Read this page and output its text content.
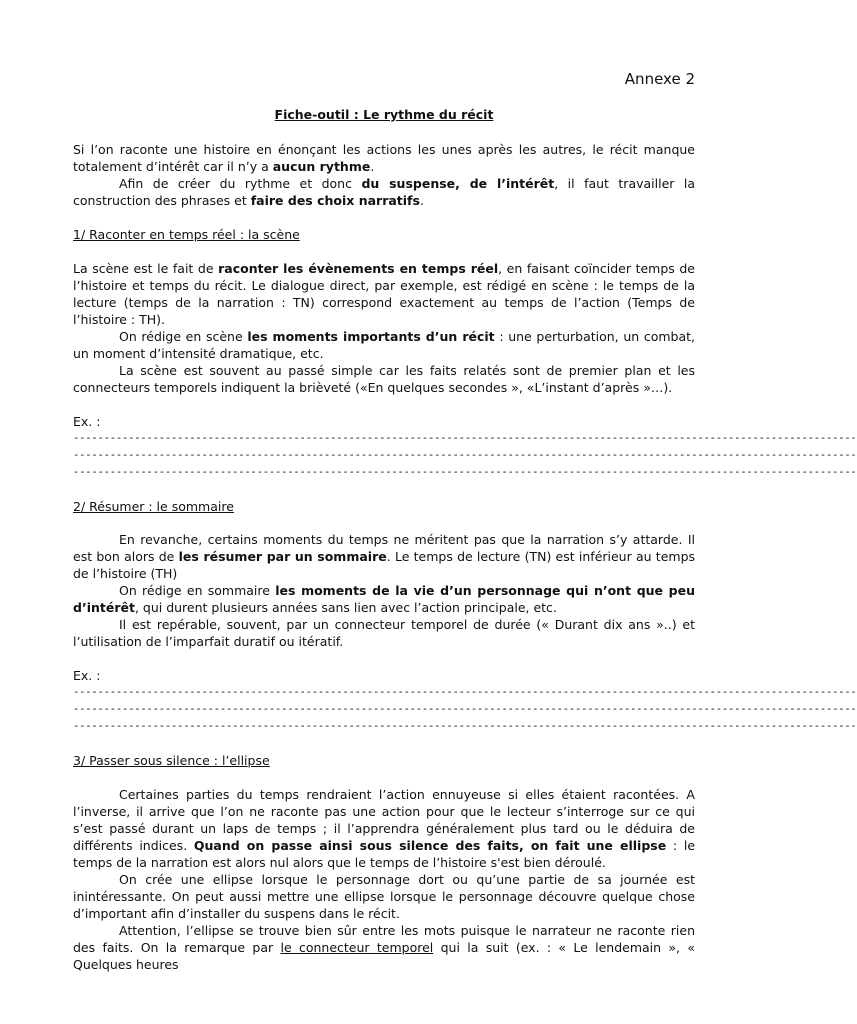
Annexe 2
Fiche-outil : Le rythme du récit

Si l’on raconte une histoire en énonçant les actions les unes après les autres, le récit manque totalement d’intérêt car il n’y a aucun rythme.

Afin de créer du rythme et donc du suspense, de l’intérêt, il faut travailler la construction des phrases et faire des choix narratifs.

1/ Raconter en temps réel : la scène

La scène est le fait de raconter les évènements en temps réel, en faisant coïncider temps de l’histoire et temps du récit. Le dialogue direct, par exemple, est rédigé en scène : le temps de la lecture (temps de la narration : TN) correspond exactement au temps de l’action (Temps de l’histoire : TH).

On rédige en scène les moments importants d’un récit : une perturbation, un combat, un moment d’intensité dramatique, etc.

La scène est souvent au passé simple car les faits relatés sont de premier plan et les connecteurs temporels indiquent la brièveté («En quelques secondes », «L’instant d’après »…).

Ex. :
--------------------------------------------------------------------------------------------------------------------------------
--------------------------------------------------------------------------------------------------------------------------------
--------------------------------------------------------------------------------------------------------------------------------
2/ Résumer : le sommaire

En revanche, certains moments du temps ne méritent pas que la narration s’y attarde. Il est bon alors de les résumer par un sommaire. Le temps de lecture (TN) est inférieur au temps de l’histoire (TH)

On rédige en sommaire les moments de la vie d’un personnage qui n’ont que peu d’intérêt, qui durent plusieurs années sans lien avec l’action principale, etc.

Il est repérable, souvent, par un connecteur temporel de durée (« Durant dix ans »..) et l’utilisation de l’imparfait duratif ou itératif.

Ex. :
--------------------------------------------------------------------------------------------------------------------------------
--------------------------------------------------------------------------------------------------------------------------------
--------------------------------------------------------------------------------------------------------------------------------
3/ Passer sous silence : l’ellipse

Certaines parties du temps rendraient l’action ennuyeuse si elles étaient racontées. A l’inverse, il arrive que l’on ne raconte pas une action pour que le lecteur s’interroge sur ce qui s’est passé durant un laps de temps ; il l’apprendra généralement plus tard ou le déduira de différents indices. Quand on passe ainsi sous silence des faits, on fait une ellipse : le temps de la narration est alors nul alors que le temps de l’histoire s'est bien déroulé.

On crée une ellipse lorsque le personnage dort ou qu’une partie de sa journée est inintéressante. On peut aussi mettre une ellipse lorsque le personnage découvre quelque chose d’important afin d’installer du suspens dans le récit.

Attention, l’ellipse se trouve bien sûr entre les mots puisque le narrateur ne raconte rien des faits. On la remarque par le connecteur temporel qui la suit (ex. : « Le lendemain », « Quelques heures
